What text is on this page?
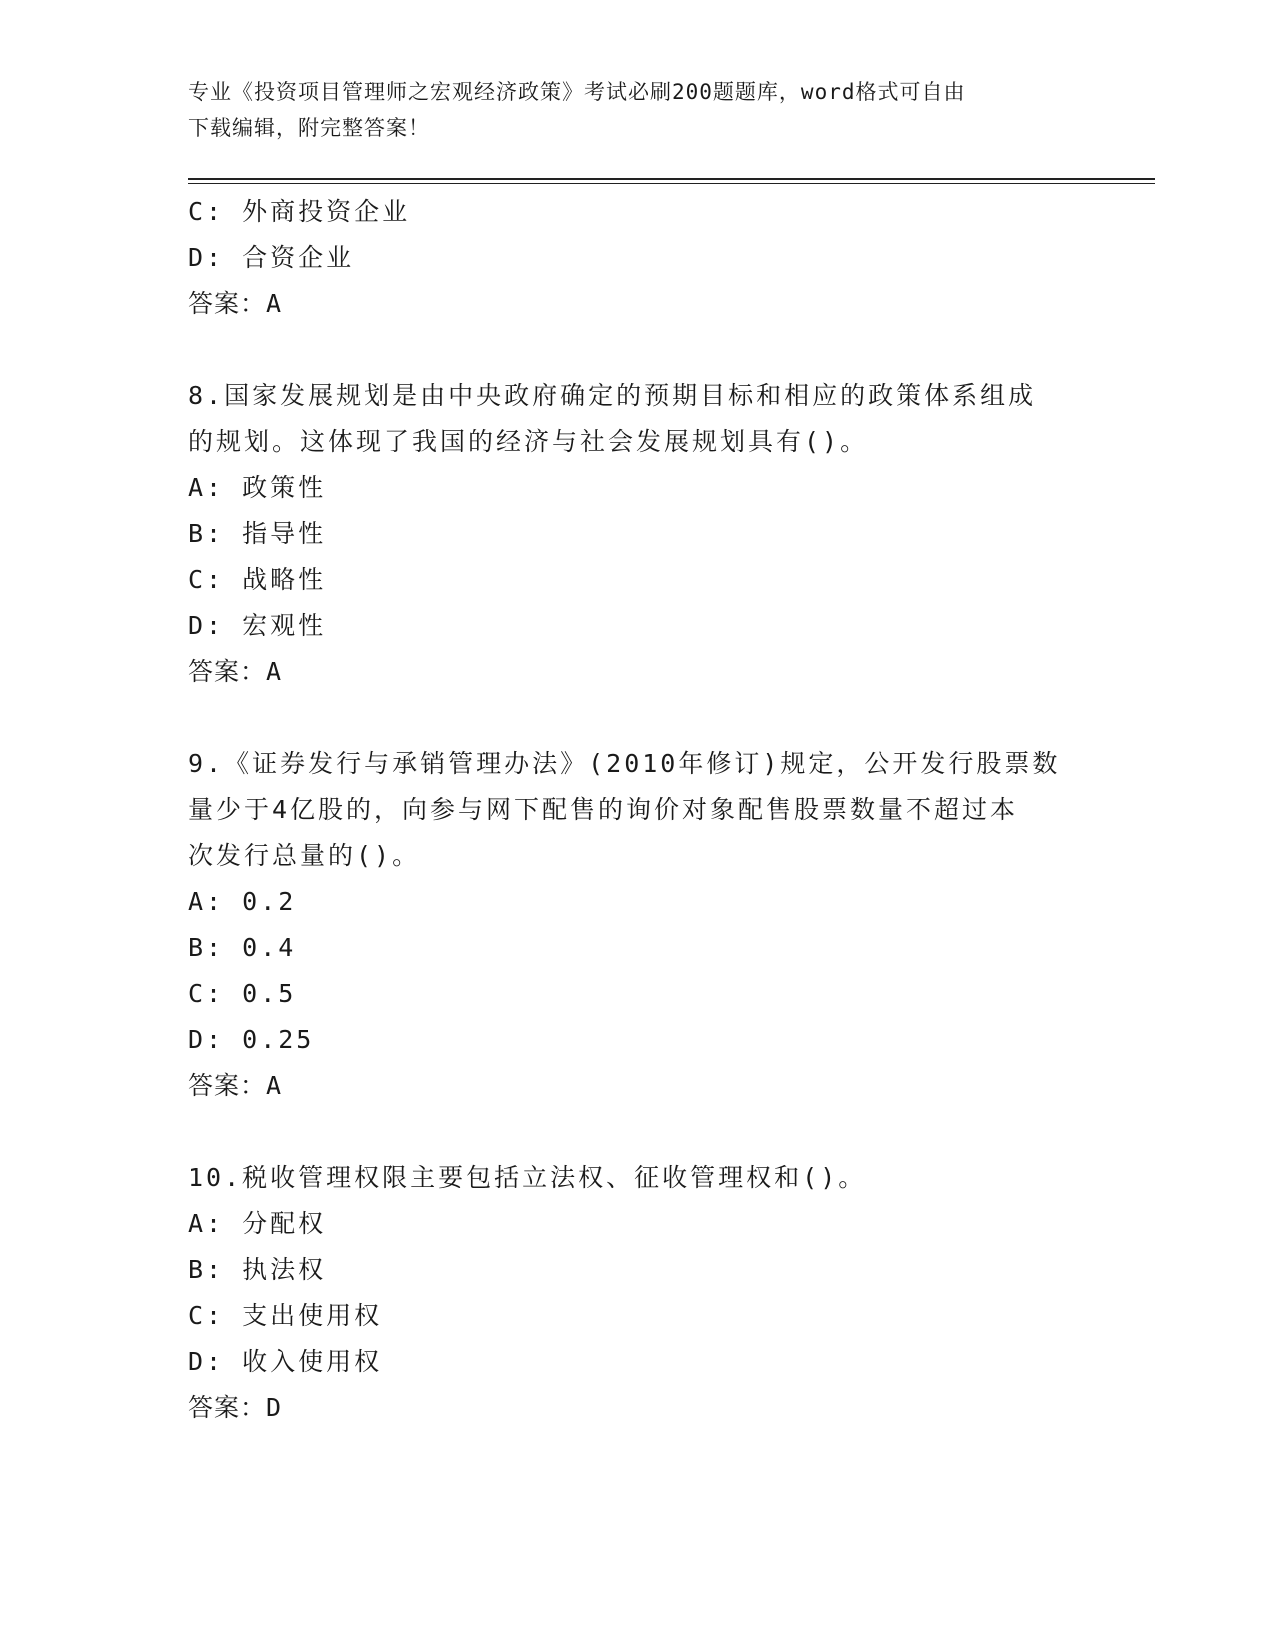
专业《投资项目管理师之宏观经济政策》考试必刷200题题库，word格式可自由
下载编辑，附完整答案！
C: 外商投资企业
D: 合资企业
答案：A
8.国家发展规划是由中央政府确定的预期目标和相应的政策体系组成
的规划。这体现了我国的经济与社会发展规划具有()。
A: 政策性
B: 指导性
C: 战略性
D: 宏观性
答案：A
9.《证券发行与承销管理办法》(2010年修订)规定，公开发行股票数
量少于4亿股的，向参与网下配售的询价对象配售股票数量不超过本
次发行总量的()。
A: 0.2
B: 0.4
C: 0.5
D: 0.25
答案：A
10.税收管理权限主要包括立法权、征收管理权和()。
A: 分配权
B: 执法权
C: 支出使用权
D: 收入使用权
答案：D
